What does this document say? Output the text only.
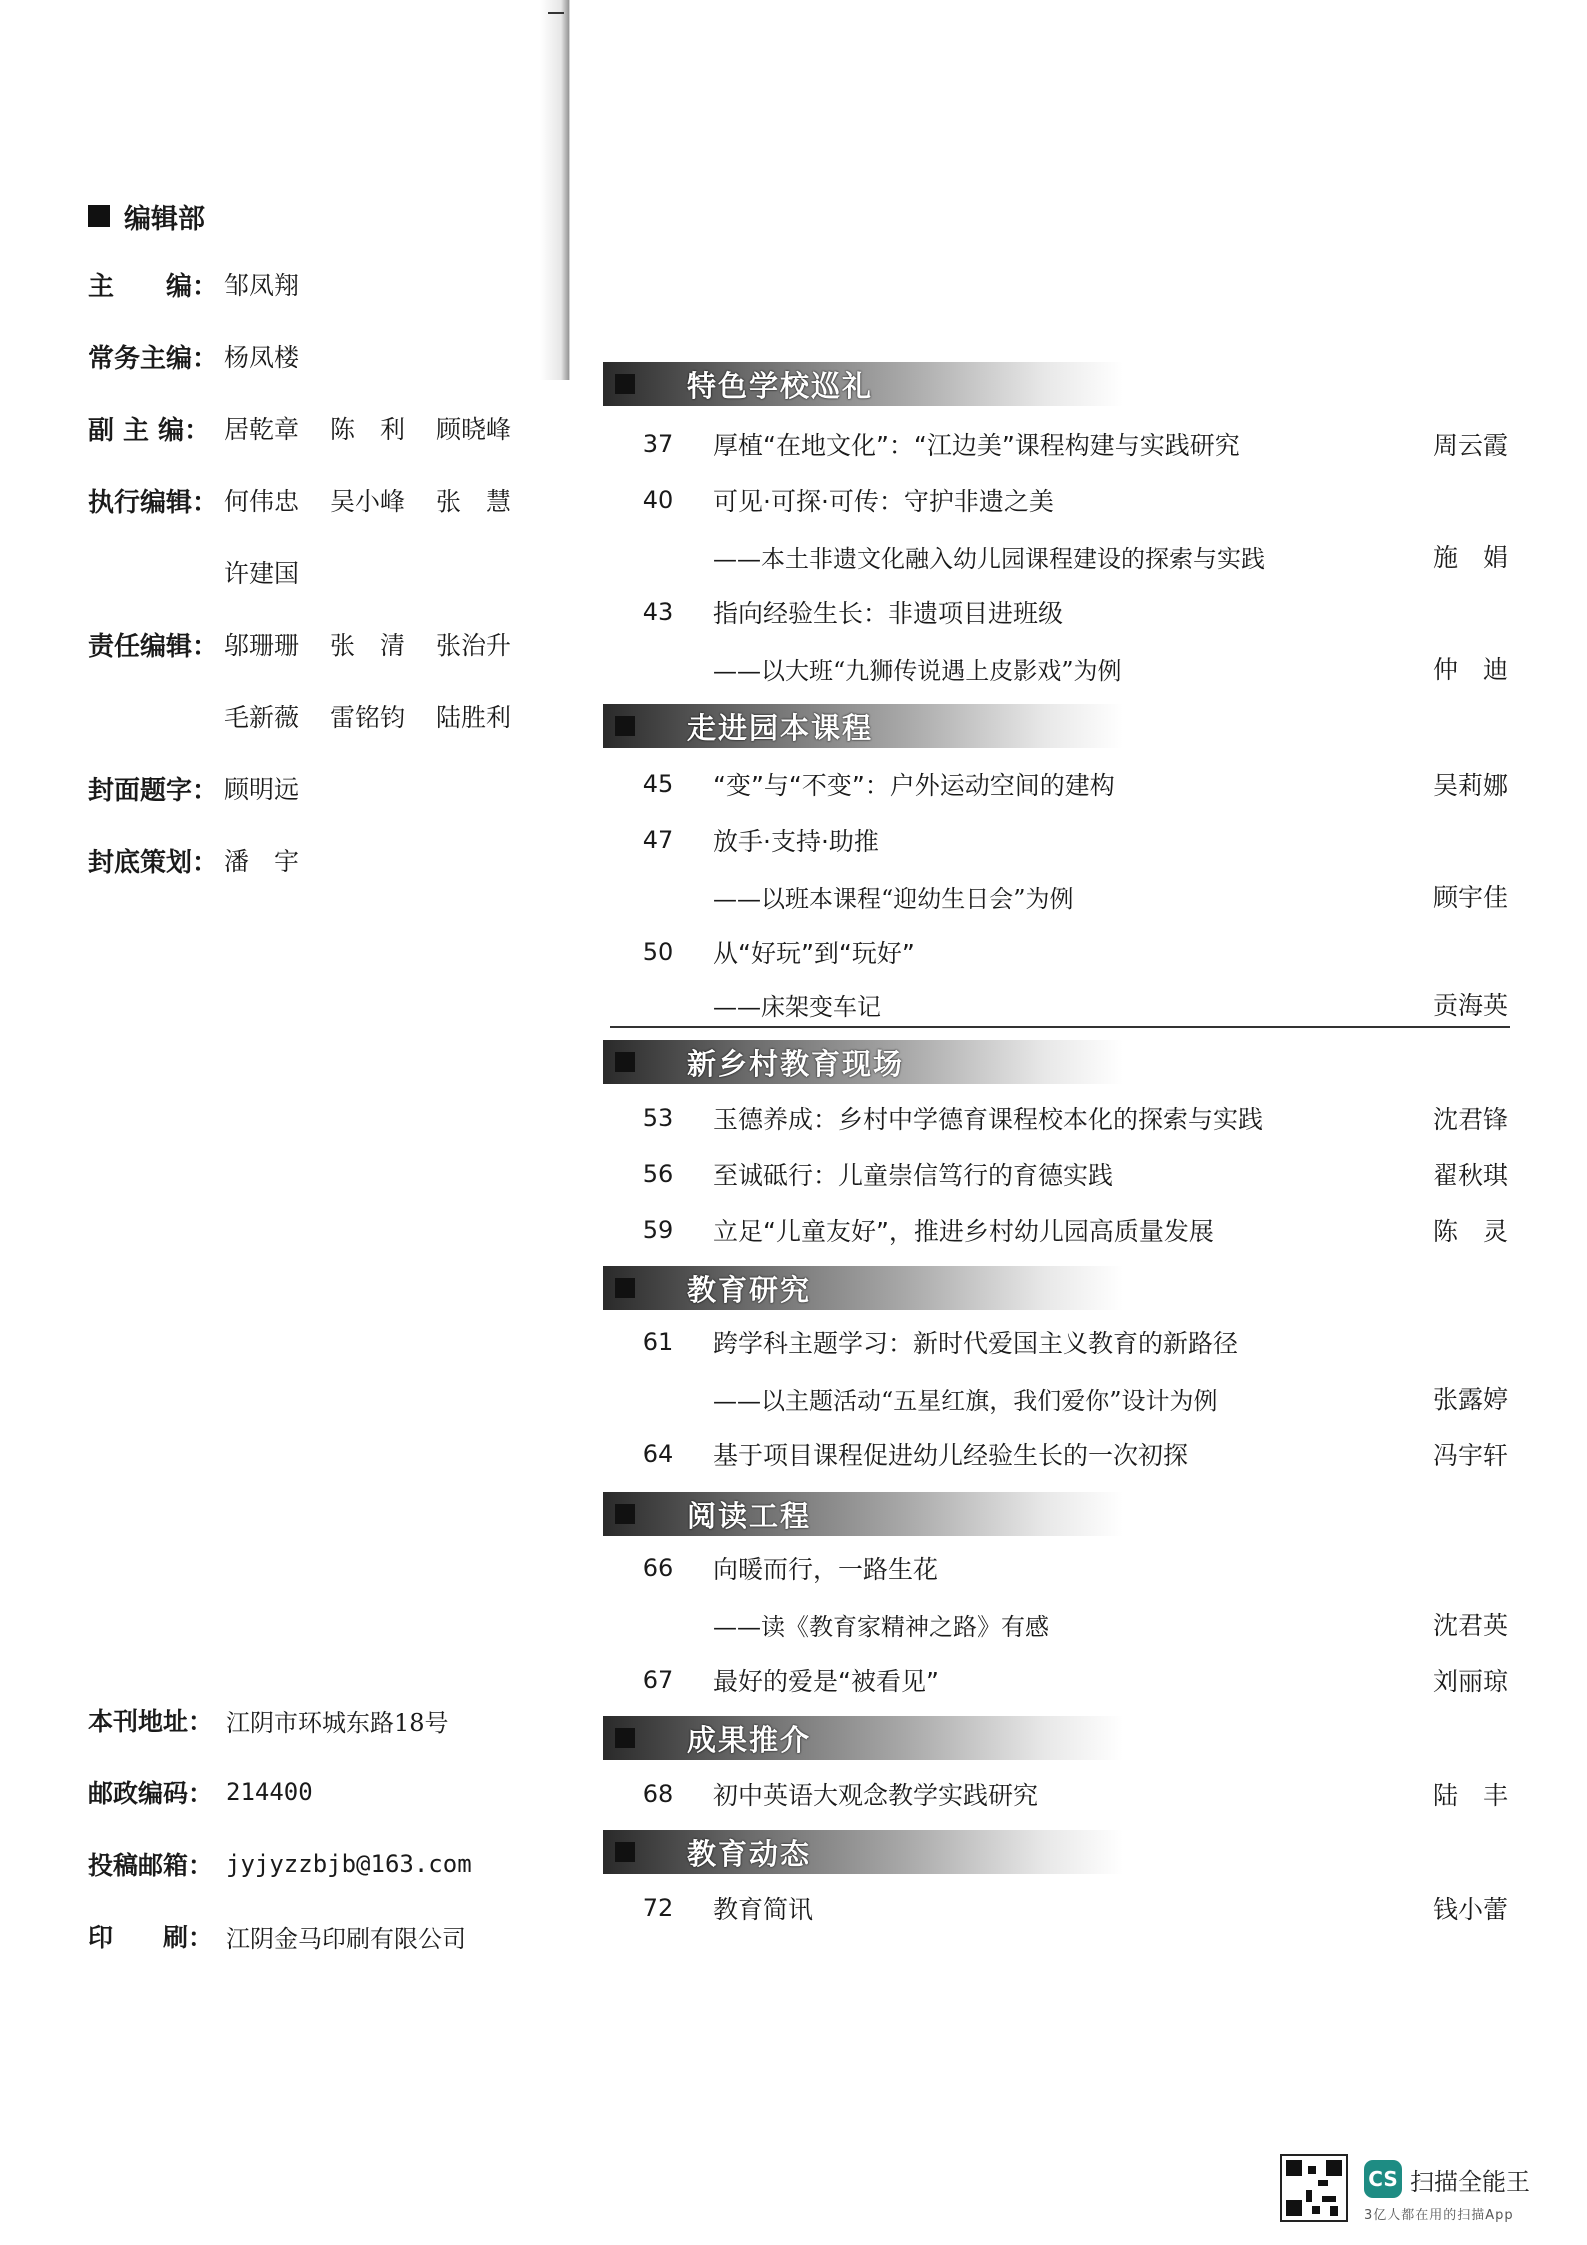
编辑部
主　　编： 邹凤翔
常务主编： 杨凤楼
副 主 编： 居乾章	陈　利	顾晓峰
执行编辑： 何伟忠	吴小峰	张　慧
许建国
责任编辑： 邬珊珊	张　清	张治升
毛新薇	雷铭钧	陆胜利
封面题字： 顾明远
封底策划： 潘　宇
本刊地址： 江阴市环城东路18号
邮政编码： 214400
投稿邮箱： jyjyzzbjb@163.com
印　　刷： 江阴金马印刷有限公司
特色学校巡礼
37	厚植“在地文化”：“江边美”课程构建与实践研究	周云霞
40	可见·可探·可传：守护非遗之美
——本土非遗文化融入幼儿园课程建设的探索与实践	施　娟
43	指向经验生长：非遗项目进班级
——以大班“九狮传说遇上皮影戏”为例	仲　迪
走进园本课程
45	“变”与“不变”：户外运动空间的建构	吴莉娜
47	放手·支持·助推
——以班本课程“迎幼生日会”为例	顾宇佳
50	从“好玩”到“玩好”
——床架变车记	贡海英
新乡村教育现场
53	玉德养成：乡村中学德育课程校本化的探索与实践	沈君锋
56	至诚砥行：儿童崇信笃行的育德实践	翟秋琪
59	立足“儿童友好”，推进乡村幼儿园高质量发展	陈　灵
教育研究
61	跨学科主题学习：新时代爱国主义教育的新路径
——以主题活动“五星红旗，我们爱你”设计为例	张露婷
64	基于项目课程促进幼儿经验生长的一次初探	冯宇轩
阅读工程
66	向暖而行，一路生花
——读《教育家精神之路》有感	沈君英
67	最好的爱是“被看见”	刘丽琼
成果推介
68	初中英语大观念教学实践研究	陆　丰
教育动态
72	教育简讯	钱小蕾
CS 扫描全能王
3亿人都在用的扫描App
